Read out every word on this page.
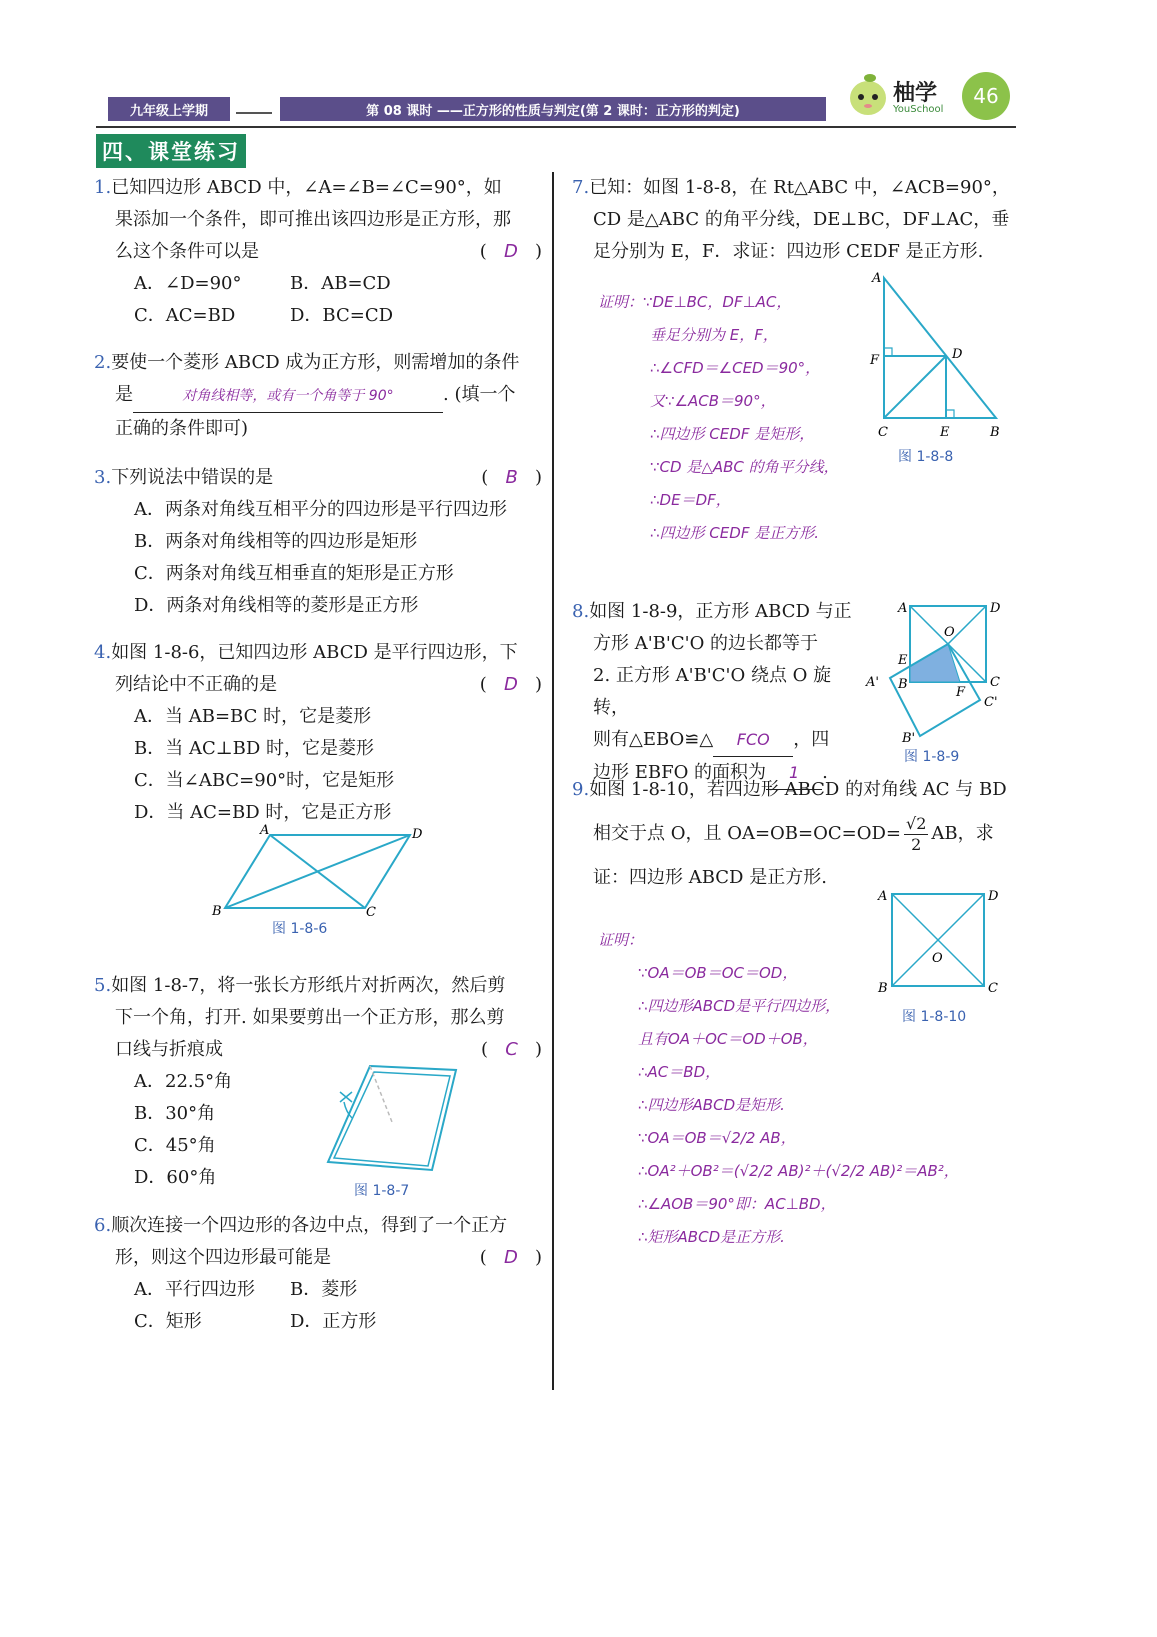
九年级上学期	第 08 课时 ——正方形的性质与判定(第 2 课时：正方形的判定)
柚学
YouSchool
46
四、课堂练习
1.已知四边形 ABCD 中，∠A=∠B=∠C=90°，如
果添加一个条件，即可推出该四边形是正方形，那
么这个条件可以是	(   D   )
A．∠D=90°	B．AB=CD
C．AC=BD	D．BC=CD
2.要使一个菱形 ABCD 成为正方形，则需增加的条件
是	对角线相等，或有一个角等于 90°	. (填一个
正确的条件即可)
3.下列说法中错误的是	(   B   )
A．两条对角线互相平分的四边形是平行四边形
B．两条对角线相等的四边形是矩形
C．两条对角线互相垂直的矩形是正方形
D．两条对角线相等的菱形是正方形
4.如图 1-8-6，已知四边形 ABCD 是平行四边形，下
列结论中不正确的是	(   D   )
A．当 AB=BC 时，它是菱形
B．当 AC⊥BD 时，它是菱形
C．当∠ABC=90°时，它是矩形
D．当 AC=BD 时，它是正方形
A	D
B	C
图 1-8-6
5.如图 1-8-7，将一张长方形纸片对折两次，然后剪
下一个角，打开. 如果要剪出一个正方形，那么剪
口线与折痕成	(   C   )
A．22.5°角
B．30°角
C．45°角
D．60°角
图 1-8-7
6.顺次连接一个四边形的各边中点，得到了一个正方
形，则这个四边形最可能是	(   D   )
A．平行四边形	B．菱形
C．矩形	D．正方形
7.已知：如图 1-8-8，在 Rt△ABC 中，∠ACB=90°，
CD 是△ABC 的角平分线，DE⊥BC，DF⊥AC，垂
足分别为 E，F．求证：四边形 CEDF 是正方形.
证明：∵DE⊥BC，DF⊥AC，
垂足分别为 E，F，
∴∠CFD＝∠CED＝90°，
又∵∠ACB＝90°，
∴四边形 CEDF 是矩形，
∵CD 是△ABC 的角平分线，
∴DE＝DF，
∴四边形 CEDF 是正方形.
A
D
F
C	E	B
图 1-8-8
8.如图 1-8-9，正方形 ABCD 与正
方形 A'B'C'O 的边长都等于
2. 正方形 A'B'C'O 绕点 O 旋转，
则有△EBO≌△ FCO ，四
边形 EBFO 的面积为 1 .
A	D
O
E
A' B	C
F
C'
B'
图 1-8-9
9.如图 1-8-10，若四边形 ABCD 的对角线 AC 与 BD
相交于点 O，且 $OA=OB=OC=OD= \frac{√2}{2}$ AB，求
证：四边形 ABCD 是正方形.
证明：
∵OA＝OB＝OC＝OD，
∴四边形ABCD是平行四边形，
且有OA＋OC＝OD＋OB，
∴AC＝BD，
∴四边形ABCD是矩形.
∵OA＝OB＝√2/2 AB，
∴OA²＋OB²＝(√2/2 AB)²＋(√2/2 AB)²＝AB²，
∴∠AOB＝90°即：AC⊥BD，
∴矩形ABCD是正方形.
A	D
O
B	C
图 1-8-10
